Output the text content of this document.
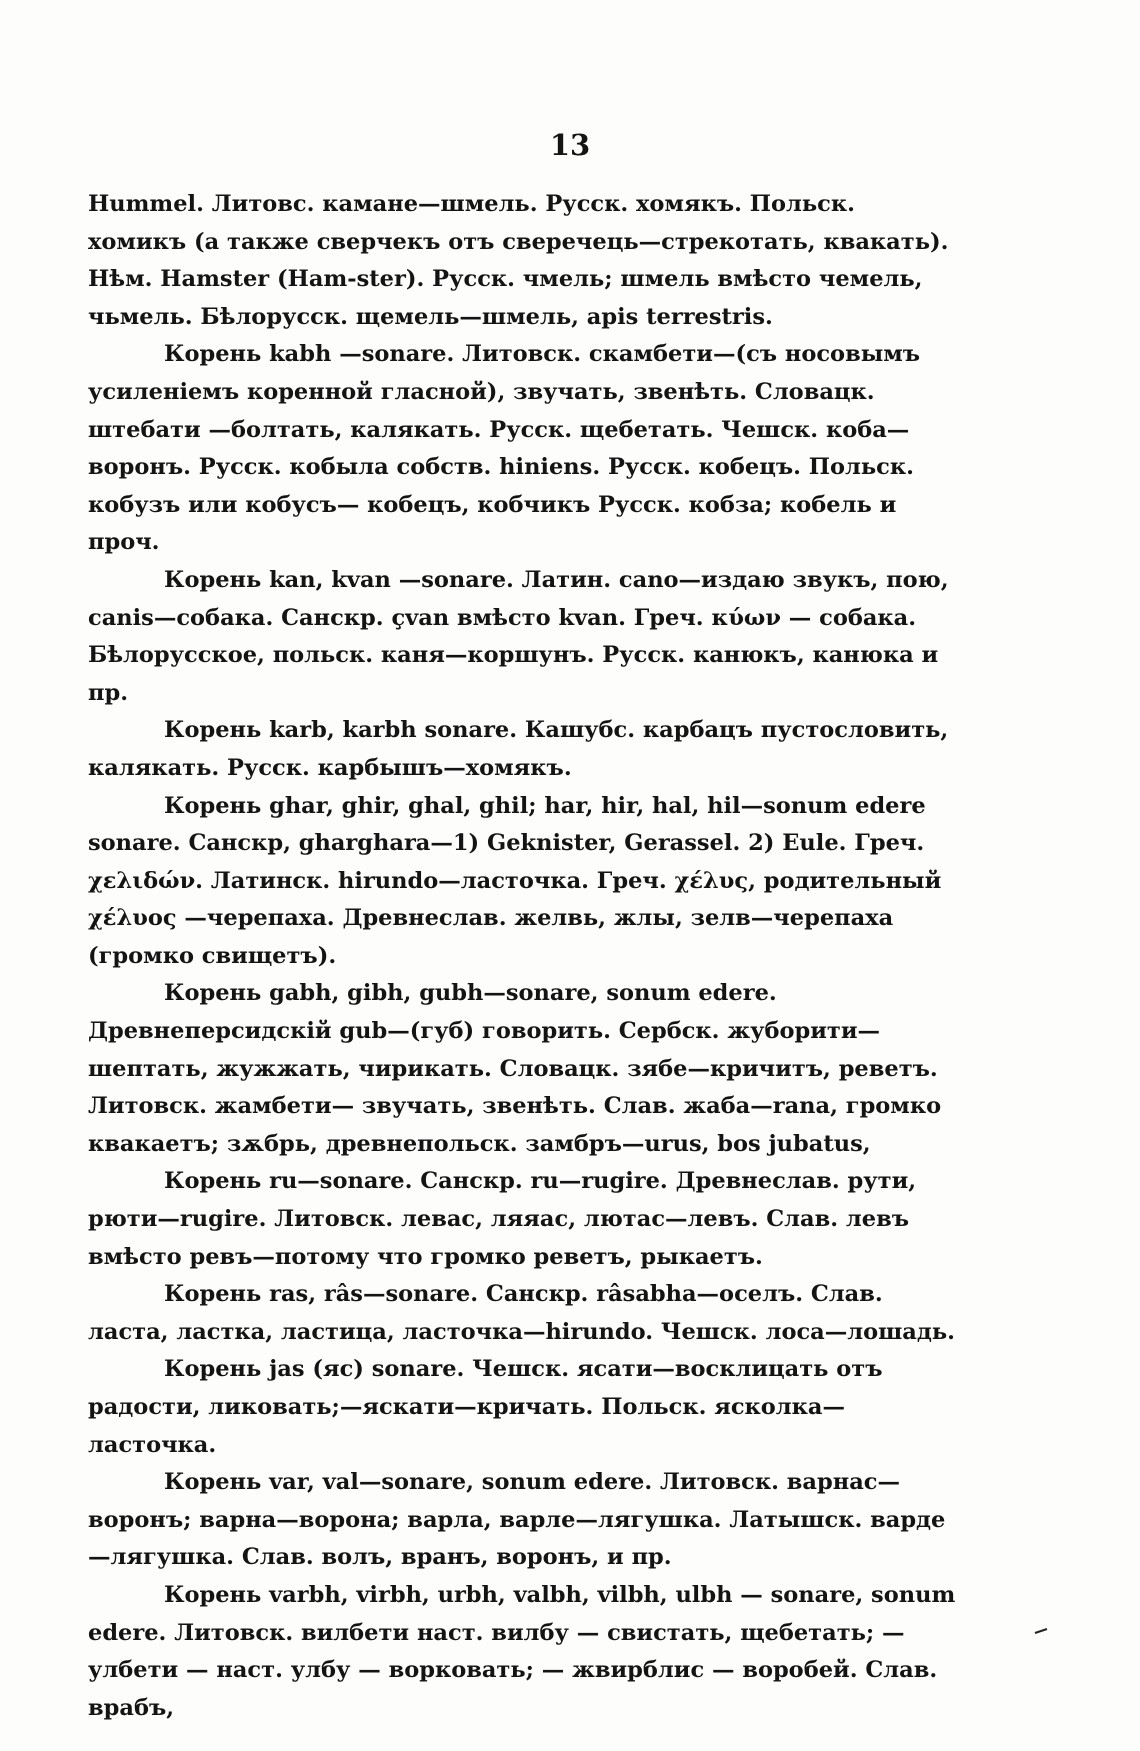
13

Hummel. Литовс. камане—шмель. Русск. хомякъ. Польск. хомикъ (а также сверчекъ отъ сверечець—стрекотать, квакать). Нѣм. Hamster (Ham-ster). Русск. чмель; шмель вмѣсто чемель, чьмель. Бѣлорусск. щемель—шмель, apis terrestris.

Корень kabh —sonare. Литовск. скамбети—(съ носовымъ усиленіемъ коренной гласной), звучать, звенѣть. Словацк. штебати —болтать, калякать. Русск. щебетать. Чешск. коба—воронъ. Русск. кобыла собств. hiniens. Русск. кобецъ. Польск. кобузъ или кобусъ— кобецъ, кобчикъ Русск. кобза; кобель и проч.

Корень kan, kvan —sonare. Латин. cano—издаю звукъ, пою, canis—собака. Санскр. çvan вмѣсто kvan. Греч. κύων — собака. Бѣлорусское, польск. каня—коршунъ. Русск. канюкъ, канюка и пр.

Корень karb, karbh sonare. Кашубс. карбацъ пустословить, калякать. Русск. карбышъ—хомякъ.

Корень ghar, ghir, ghal, ghil; har, hir, hal, hil—sonum edere sonare. Санскр, gharghara—1) Geknister, Gerassel. 2) Eule. Греч. χελιδών. Латинск. hirundo—ласточка. Греч. χέλυς, родительный χέλυος —черепаха. Древнеслав. желвь, жлы, зелв—черепаха (громко свищетъ).

Корень gabh, gibh, gubh—sonare, sonum edere. Древнеперсидскій gub—(губ) говорить. Сербск. жуборити—шептать, жужжать, чирикать. Словацк. зябе—кричитъ, реветъ. Литовск. жамбети— звучать, звенѣть. Слав. жаба—rana, громко квакаетъ; зѫбрь, древнепольск. замбръ—urus, bos jubatus,

Корень ru—sonare. Санскр. ru—rugire. Древнеслав. рути, рюти—rugire. Литовск. левас, ляяас, лютас—левъ. Слав. левъ вмѣсто ревъ—потому что громко реветъ, рыкаетъ.

Корень ras, râs—sonare. Санскр. râsabha—оселъ. Слав. ласта, ластка, ластица, ласточка—hirundo. Чешск. лоса—лошадь.

Корень jas (яс) sonare. Чешск. ясати—восклицать отъ радости, ликовать;—яскати—кричать. Польск. ясколка—ласточка.

Корень var, val—sonare, sonum edere. Литовск. варнас— воронъ; варна—ворона; варла, варле—лягушка. Латышск. варде —лягушка. Слав. волъ, вранъ, воронъ, и пр.

Корень varbh, virbh, urbh, valbh, vilbh, ulbh — sonare, sonum edere. Литовск. вилбети наст. вилбу — свистать, щебетать; — улбети — наст. улбу — ворковать; — жвирблис — воробей. Слав. врабъ,
